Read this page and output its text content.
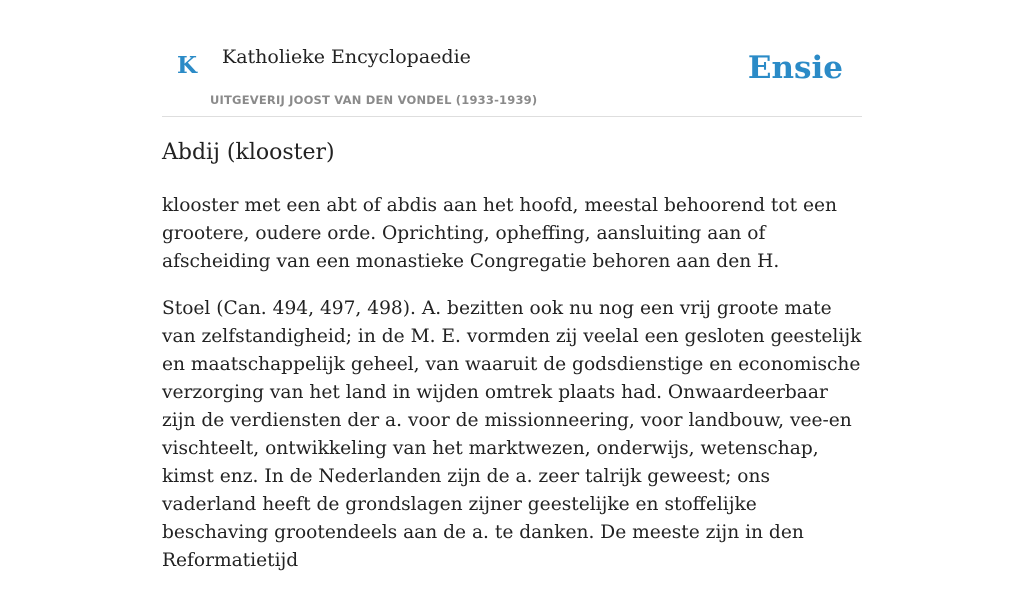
K Katholieke Encyclopaedie
UITGEVERIJ JOOST VAN DEN VONDEL (1933-1939)
Ensie
Abdij (klooster)

klooster met een abt of abdis aan het hoofd, meestal behoorend tot een grootere, oudere orde. Oprichting, opheffing, aansluiting aan of afscheiding van een monastieke Congregatie behoren aan den H.

Stoel (Can. 494, 497, 498). A. bezitten ook nu nog een vrij groote mate van zelfstandigheid; in de M. E. vormden zij veelal een gesloten geestelijk en maatschappelijk geheel, van waaruit de godsdienstige en economische verzorging van het land in wijden omtrek plaats had. Onwaardeerbaar zijn de verdiensten der a. voor de missionneering, voor landbouw, vee-en vischteelt, ontwikkeling van het marktwezen, onderwijs, wetenschap, kimst enz. In de Nederlanden zijn de a. zeer talrijk geweest; ons vaderland heeft de grondslagen zijner geestelijke en stoffelijke beschaving grootendeels aan de a. te danken. De meeste zijn in den Reformatietijd
